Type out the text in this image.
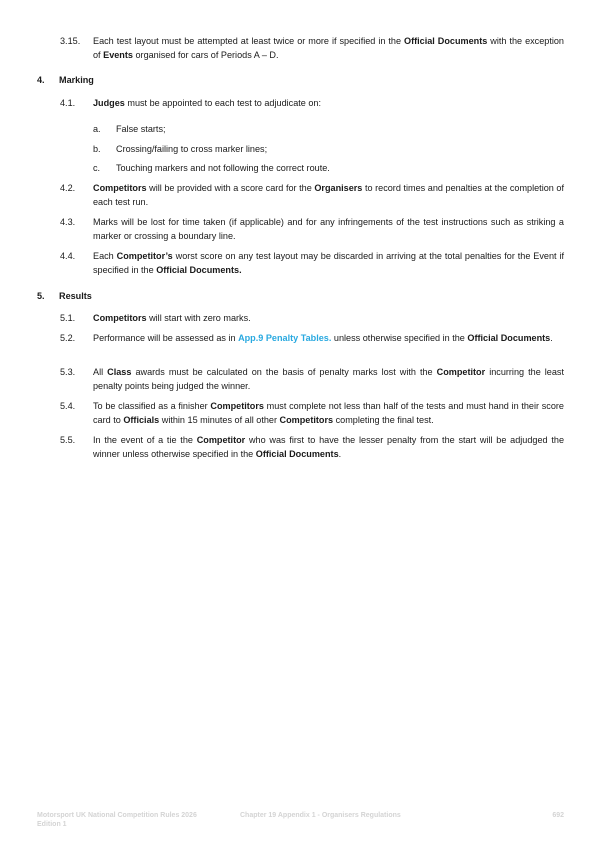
3.15. Each test layout must be attempted at least twice or more if specified in the Official Documents with the exception of Events organised for cars of Periods A – D.
4. Marking
4.1. Judges must be appointed to each test to adjudicate on:
a. False starts;
b. Crossing/failing to cross marker lines;
c. Touching markers and not following the correct route.
4.2. Competitors will be provided with a score card for the Organisers to record times and penalties at the completion of each test run.
4.3. Marks will be lost for time taken (if applicable) and for any infringements of the test instructions such as striking a marker or crossing a boundary line.
4.4. Each Competitor’s worst score on any test layout may be discarded in arriving at the total penalties for the Event if specified in the Official Documents.
5. Results
5.1. Competitors will start with zero marks.
5.2. Performance will be assessed as in App.9 Penalty Tables. unless otherwise specified in the Official Documents.
5.3. All Class awards must be calculated on the basis of penalty marks lost with the Competitor incurring the least penalty points being judged the winner.
5.4. To be classified as a finisher Competitors must complete not less than half of the tests and must hand in their score card to Officials within 15 minutes of all other Competitors completing the final test.
5.5. In the event of a tie the Competitor who was first to have the lesser penalty from the start will be adjudged the winner unless otherwise specified in the Official Documents.
Motorsport UK National Competition Rules 2026
Edition 1
Chapter 19 Appendix 1 - Organisers Regulations	692
